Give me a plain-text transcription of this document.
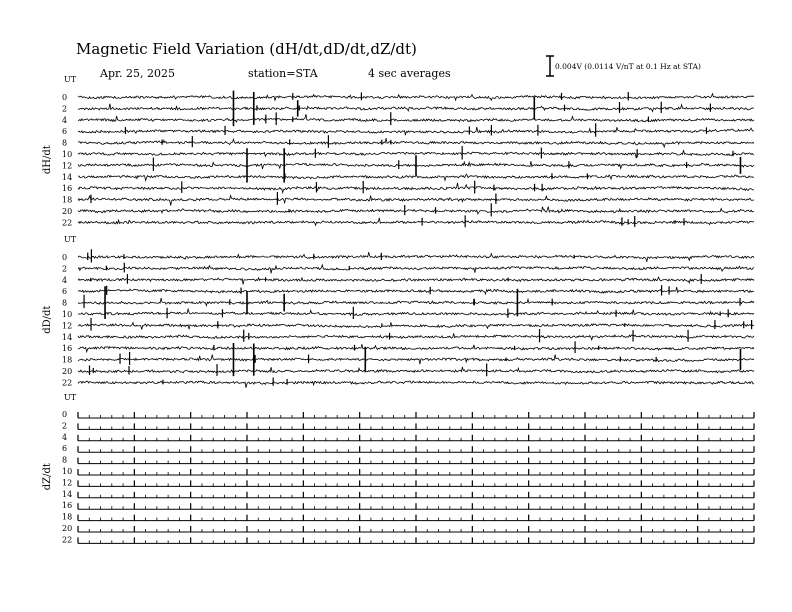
Magnetic Field Variation (dH/dt,dD/dt,dZ/dt)
Apr. 25, 2025	station=STA	4 sec averages
0.004V (0.0114 V/nT at 0.1 Hz at STA)
UT
dH/dt
0
2
4
6
8
10
12
14
16
18
20
22
UT
dD/dt
0
2
4
6
8
10
12
14
16
18
20
22
UT
dZ/dt
0
2
4
6
8
10
12
14
16
18
20
22
